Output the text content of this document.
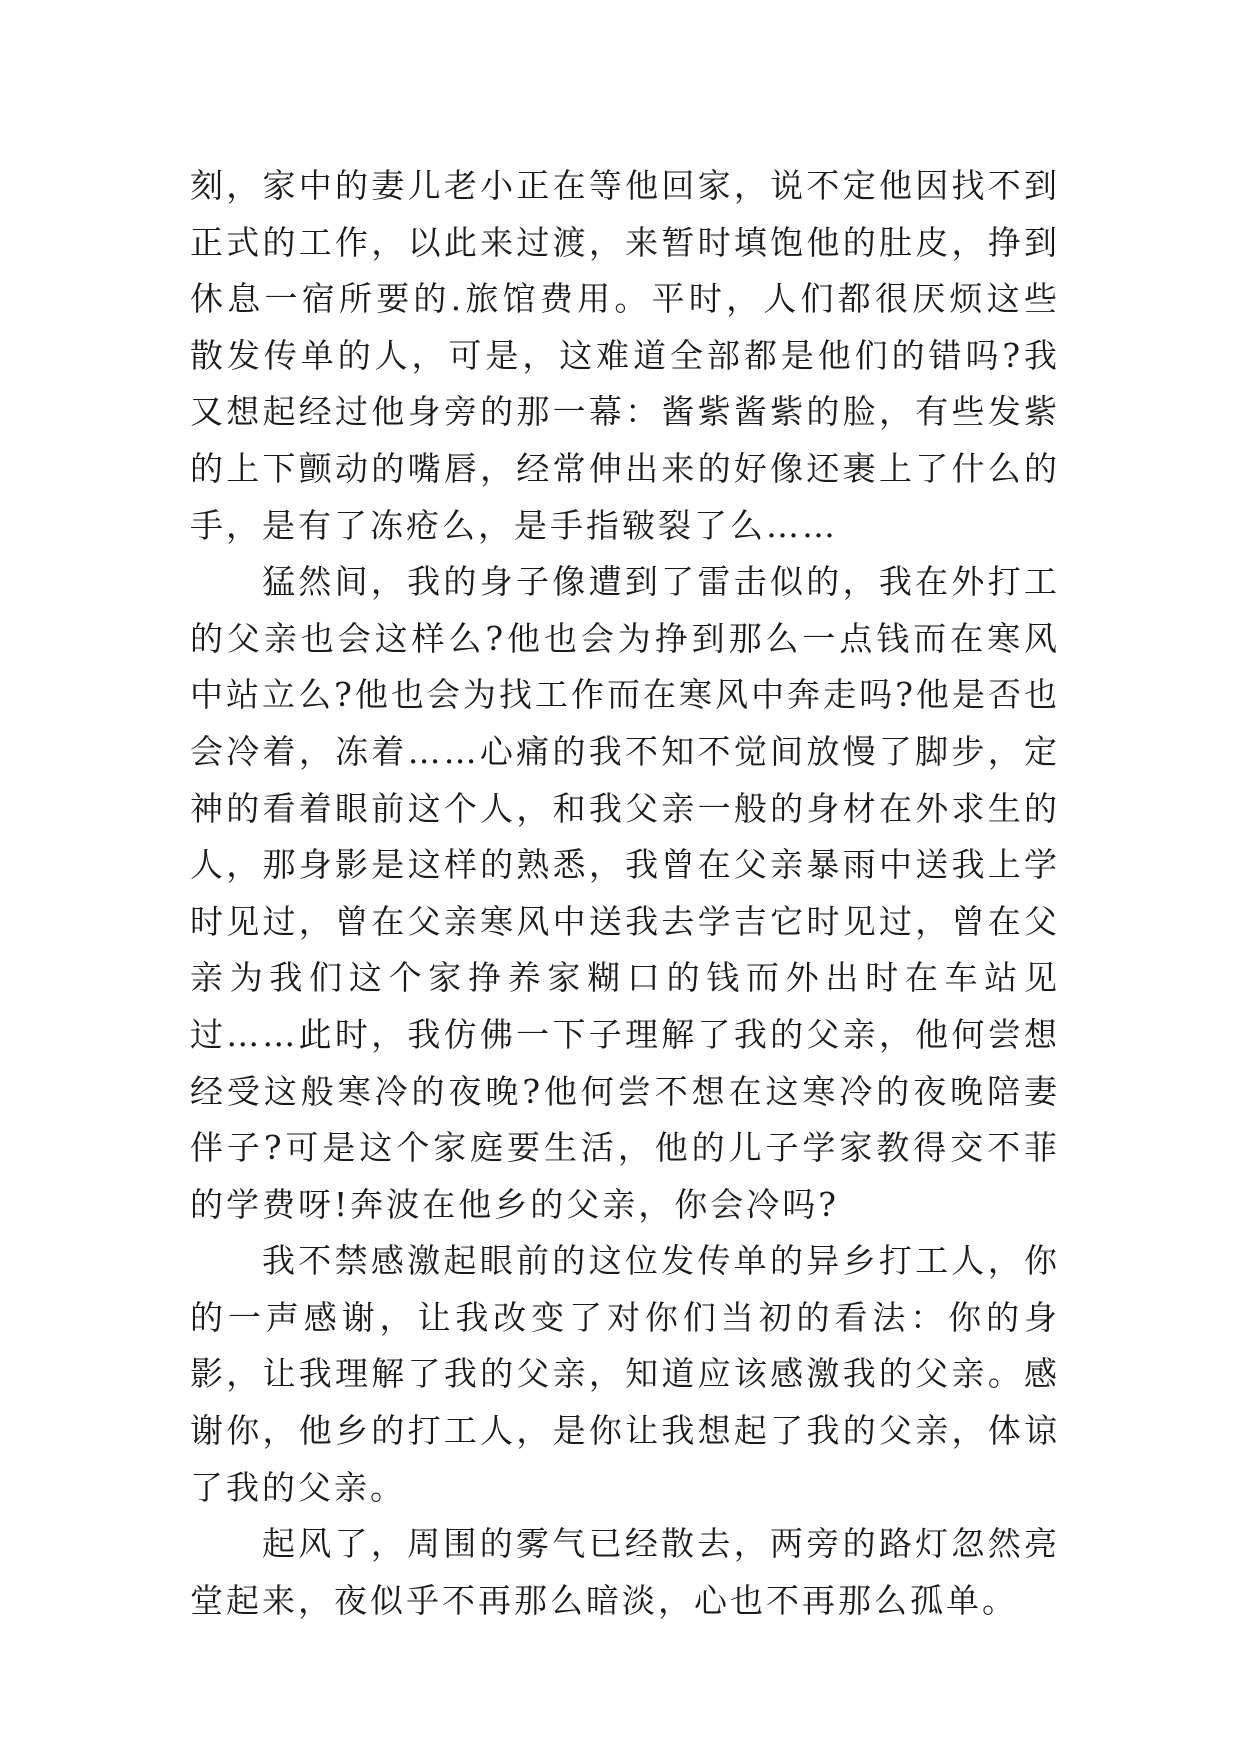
刻，家中的妻儿老小正在等他回家，说不定他因找不到正式的工作，以此来过渡，来暂时填饱他的肚皮，挣到休息一宿所要的.旅馆费用。平时，人们都很厌烦这些散发传单的人，可是，这难道全部都是他们的错吗?我又想起经过他身旁的那一幕：酱紫酱紫的脸，有些发紫的上下颤动的嘴唇，经常伸出来的好像还裹上了什么的手，是有了冻疮么，是手指皲裂了么……

猛然间，我的身子像遭到了雷击似的，我在外打工的父亲也会这样么?他也会为挣到那么一点钱而在寒风中站立么?他也会为找工作而在寒风中奔走吗?他是否也会冷着，冻着……心痛的我不知不觉间放慢了脚步，定神的看着眼前这个人，和我父亲一般的身材在外求生的人，那身影是这样的熟悉，我曾在父亲暴雨中送我上学时见过，曾在父亲寒风中送我去学吉它时见过，曾在父亲为我们这个家挣养家糊口的钱而外出时在车站见过……此时，我仿佛一下子理解了我的父亲，他何尝想经受这般寒冷的夜晚?他何尝不想在这寒冷的夜晚陪妻伴子?可是这个家庭要生活，他的儿子学家教得交不菲的学费呀!奔波在他乡的父亲，你会冷吗?

我不禁感激起眼前的这位发传单的异乡打工人，你的一声感谢，让我改变了对你们当初的看法：你的身影，让我理解了我的父亲，知道应该感激我的父亲。感谢你，他乡的打工人，是你让我想起了我的父亲，体谅了我的父亲。

起风了，周围的雾气已经散去，两旁的路灯忽然亮堂起来，夜似乎不再那么暗淡，心也不再那么孤单。
